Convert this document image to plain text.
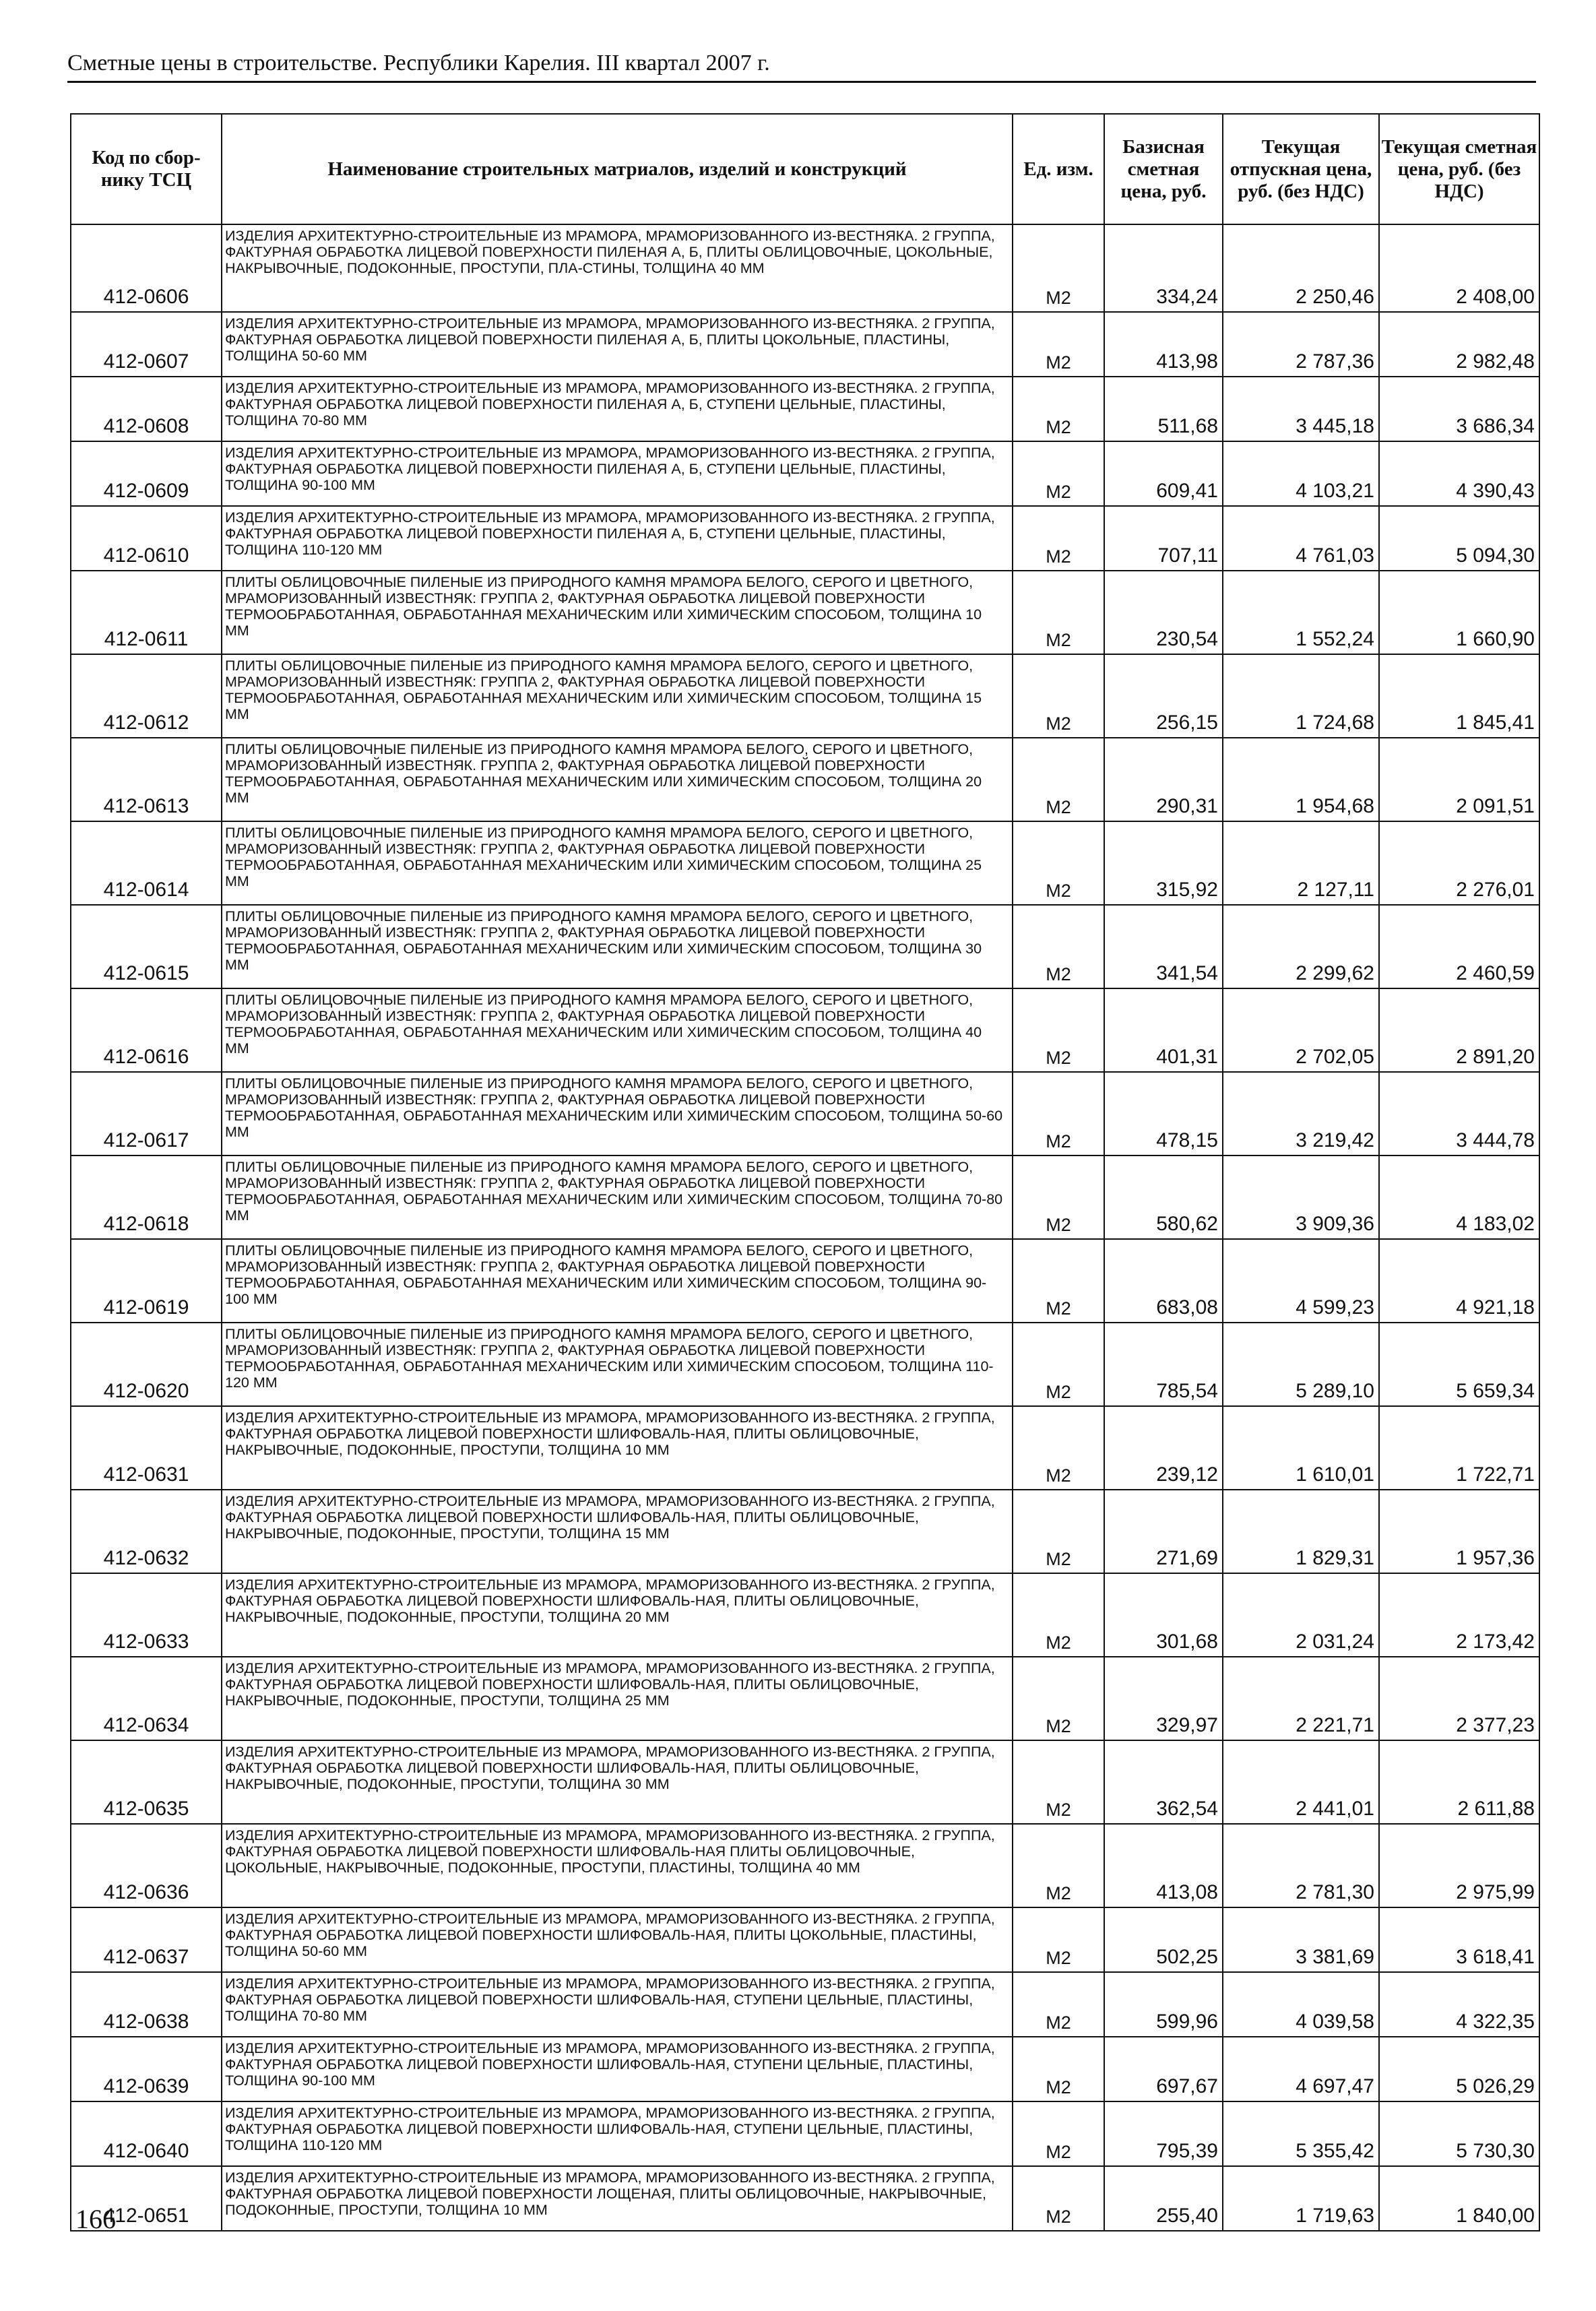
Сметные цены в строительстве. Республики Карелия. III квартал 2007 г.
Код по сбор-
нику ТСЦ	Наименование строительных матриалов, изделий и конструкций	Ед. изм.	Базисная сметная цена, руб.	Текущая отпускная цена, руб. (без НДС)	Текущая сметная цена, руб. (без НДС)
412-0606	ИЗДЕЛИЯ АРХИТЕКТУРНО-СТРОИТЕЛЬНЫЕ ИЗ МРАМОРА, МРАМОРИЗОВАННОГО ИЗ-ВЕСТНЯКА. 2 ГРУППА, ФАКТУРНАЯ ОБРАБОТКА ЛИЦЕВОЙ ПОВЕРХНОСТИ ПИЛЕНАЯ А, Б, ПЛИТЫ ОБЛИЦОВОЧНЫЕ, ЦОКОЛЬНЫЕ, НАКРЫВОЧНЫЕ, ПОДОКОННЫЕ, ПРОСТУПИ, ПЛА-СТИНЫ, ТОЛЩИНА 40 ММ	М2	334,24	2 250,46	2 408,00
412-0607	ИЗДЕЛИЯ АРХИТЕКТУРНО-СТРОИТЕЛЬНЫЕ ИЗ МРАМОРА, МРАМОРИЗОВАННОГО ИЗ-ВЕСТНЯКА. 2 ГРУППА, ФАКТУРНАЯ ОБРАБОТКА ЛИЦЕВОЙ ПОВЕРХНОСТИ ПИЛЕНАЯ А, Б, ПЛИТЫ ЦОКОЛЬНЫЕ, ПЛАСТИНЫ, ТОЛЩИНА 50-60 ММ	М2	413,98	2 787,36	2 982,48
412-0608	ИЗДЕЛИЯ АРХИТЕКТУРНО-СТРОИТЕЛЬНЫЕ ИЗ МРАМОРА, МРАМОРИЗОВАННОГО ИЗ-ВЕСТНЯКА. 2 ГРУППА, ФАКТУРНАЯ ОБРАБОТКА ЛИЦЕВОЙ ПОВЕРХНОСТИ ПИЛЕНАЯ А, Б, СТУПЕНИ ЦЕЛЬНЫЕ, ПЛАСТИНЫ, ТОЛЩИНА 70-80 ММ	М2	511,68	3 445,18	3 686,34
412-0609	ИЗДЕЛИЯ АРХИТЕКТУРНО-СТРОИТЕЛЬНЫЕ ИЗ МРАМОРА, МРАМОРИЗОВАННОГО ИЗ-ВЕСТНЯКА. 2 ГРУППА, ФАКТУРНАЯ ОБРАБОТКА ЛИЦЕВОЙ ПОВЕРХНОСТИ ПИЛЕНАЯ А, Б, СТУПЕНИ ЦЕЛЬНЫЕ, ПЛАСТИНЫ, ТОЛЩИНА 90-100 ММ	М2	609,41	4 103,21	4 390,43
412-0610	ИЗДЕЛИЯ АРХИТЕКТУРНО-СТРОИТЕЛЬНЫЕ ИЗ МРАМОРА, МРАМОРИЗОВАННОГО ИЗ-ВЕСТНЯКА. 2 ГРУППА, ФАКТУРНАЯ ОБРАБОТКА ЛИЦЕВОЙ ПОВЕРХНОСТИ ПИЛЕНАЯ А, Б, СТУПЕНИ ЦЕЛЬНЫЕ, ПЛАСТИНЫ, ТОЛЩИНА 110-120 ММ	М2	707,11	4 761,03	5 094,30
412-0611	ПЛИТЫ ОБЛИЦОВОЧНЫЕ ПИЛЕНЫЕ ИЗ ПРИРОДНОГО КАМНЯ МРАМОРА БЕЛОГО, СЕРОГО И ЦВЕТНОГО, МРАМОРИЗОВАННЫЙ ИЗВЕСТНЯК: ГРУППА 2, ФАКТУРНАЯ ОБРАБОТКА ЛИЦЕВОЙ ПОВЕРХНОСТИ ТЕРМООБРАБОТАННАЯ, ОБРАБОТАННАЯ МЕХАНИЧЕСКИМ ИЛИ ХИМИЧЕСКИМ СПОСОБОМ, ТОЛЩИНА 10 ММ	М2	230,54	1 552,24	1 660,90
412-0612	ПЛИТЫ ОБЛИЦОВОЧНЫЕ ПИЛЕНЫЕ ИЗ ПРИРОДНОГО КАМНЯ МРАМОРА БЕЛОГО, СЕРОГО И ЦВЕТНОГО, МРАМОРИЗОВАННЫЙ ИЗВЕСТНЯК: ГРУППА 2, ФАКТУРНАЯ ОБРАБОТКА ЛИЦЕВОЙ ПОВЕРХНОСТИ ТЕРМООБРАБОТАННАЯ, ОБРАБОТАННАЯ МЕХАНИЧЕСКИМ ИЛИ ХИМИЧЕСКИМ СПОСОБОМ, ТОЛЩИНА 15 ММ	М2	256,15	1 724,68	1 845,41
412-0613	ПЛИТЫ ОБЛИЦОВОЧНЫЕ ПИЛЕНЫЕ ИЗ ПРИРОДНОГО КАМНЯ МРАМОРА БЕЛОГО, СЕРОГО И ЦВЕТНОГО, МРАМОРИЗОВАННЫЙ ИЗВЕСТНЯК. ГРУППА 2, ФАКТУРНАЯ ОБРАБОТКА ЛИЦЕВОЙ ПОВЕРХНОСТИ ТЕРМООБРАБОТАННАЯ, ОБРАБОТАННАЯ МЕХАНИЧЕСКИМ ИЛИ ХИМИЧЕСКИМ СПОСОБОМ, ТОЛЩИНА 20 ММ	М2	290,31	1 954,68	2 091,51
412-0614	ПЛИТЫ ОБЛИЦОВОЧНЫЕ ПИЛЕНЫЕ ИЗ ПРИРОДНОГО КАМНЯ МРАМОРА БЕЛОГО, СЕРОГО И ЦВЕТНОГО, МРАМОРИЗОВАННЫЙ ИЗВЕСТНЯК: ГРУППА 2, ФАКТУРНАЯ ОБРАБОТКА ЛИЦЕВОЙ ПОВЕРХНОСТИ ТЕРМООБРАБОТАННАЯ, ОБРАБОТАННАЯ МЕХАНИЧЕСКИМ ИЛИ ХИМИЧЕСКИМ СПОСОБОМ, ТОЛЩИНА 25 ММ	М2	315,92	2 127,11	2 276,01
412-0615	ПЛИТЫ ОБЛИЦОВОЧНЫЕ ПИЛЕНЫЕ ИЗ ПРИРОДНОГО КАМНЯ МРАМОРА БЕЛОГО, СЕРОГО И ЦВЕТНОГО, МРАМОРИЗОВАННЫЙ ИЗВЕСТНЯК: ГРУППА 2, ФАКТУРНАЯ ОБРАБОТКА ЛИЦЕВОЙ ПОВЕРХНОСТИ ТЕРМООБРАБОТАННАЯ, ОБРАБОТАННАЯ МЕХАНИЧЕСКИМ ИЛИ ХИМИЧЕСКИМ СПОСОБОМ, ТОЛЩИНА 30 ММ	М2	341,54	2 299,62	2 460,59
412-0616	ПЛИТЫ ОБЛИЦОВОЧНЫЕ ПИЛЕНЫЕ ИЗ ПРИРОДНОГО КАМНЯ МРАМОРА БЕЛОГО, СЕРОГО И ЦВЕТНОГО, МРАМОРИЗОВАННЫЙ ИЗВЕСТНЯК: ГРУППА 2, ФАКТУРНАЯ ОБРАБОТКА ЛИЦЕВОЙ ПОВЕРХНОСТИ ТЕРМООБРАБОТАННАЯ, ОБРАБОТАННАЯ МЕХАНИЧЕСКИМ ИЛИ ХИМИЧЕСКИМ СПОСОБОМ, ТОЛЩИНА 40 ММ	М2	401,31	2 702,05	2 891,20
412-0617	ПЛИТЫ ОБЛИЦОВОЧНЫЕ ПИЛЕНЫЕ ИЗ ПРИРОДНОГО КАМНЯ МРАМОРА БЕЛОГО, СЕРОГО И ЦВЕТНОГО, МРАМОРИЗОВАННЫЙ ИЗВЕСТНЯК: ГРУППА 2, ФАКТУРНАЯ ОБРАБОТКА ЛИЦЕВОЙ ПОВЕРХНОСТИ ТЕРМООБРАБОТАННАЯ, ОБРАБОТАННАЯ МЕХАНИЧЕСКИМ ИЛИ ХИМИЧЕСКИМ СПОСОБОМ, ТОЛЩИНА 50-60 ММ	М2	478,15	3 219,42	3 444,78
412-0618	ПЛИТЫ ОБЛИЦОВОЧНЫЕ ПИЛЕНЫЕ ИЗ ПРИРОДНОГО КАМНЯ МРАМОРА БЕЛОГО, СЕРОГО И ЦВЕТНОГО, МРАМОРИЗОВАННЫЙ ИЗВЕСТНЯК: ГРУППА 2, ФАКТУРНАЯ ОБРАБОТКА ЛИЦЕВОЙ ПОВЕРХНОСТИ ТЕРМООБРАБОТАННАЯ, ОБРАБОТАННАЯ МЕХАНИЧЕСКИМ ИЛИ ХИМИЧЕСКИМ СПОСОБОМ, ТОЛЩИНА 70-80 ММ	М2	580,62	3 909,36	4 183,02
412-0619	ПЛИТЫ ОБЛИЦОВОЧНЫЕ ПИЛЕНЫЕ ИЗ ПРИРОДНОГО КАМНЯ МРАМОРА БЕЛОГО, СЕРОГО И ЦВЕТНОГО, МРАМОРИЗОВАННЫЙ ИЗВЕСТНЯК: ГРУППА 2, ФАКТУРНАЯ ОБРАБОТКА ЛИЦЕВОЙ ПОВЕРХНОСТИ ТЕРМООБРАБОТАННАЯ, ОБРАБОТАННАЯ МЕХАНИЧЕСКИМ ИЛИ ХИМИЧЕСКИМ СПОСОБОМ, ТОЛЩИНА 90-100 ММ	М2	683,08	4 599,23	4 921,18
412-0620	ПЛИТЫ ОБЛИЦОВОЧНЫЕ ПИЛЕНЫЕ ИЗ ПРИРОДНОГО КАМНЯ МРАМОРА БЕЛОГО, СЕРОГО И ЦВЕТНОГО, МРАМОРИЗОВАННЫЙ ИЗВЕСТНЯК: ГРУППА 2, ФАКТУРНАЯ ОБРАБОТКА ЛИЦЕВОЙ ПОВЕРХНОСТИ ТЕРМООБРАБОТАННАЯ, ОБРАБОТАННАЯ МЕХАНИЧЕСКИМ ИЛИ ХИМИЧЕСКИМ СПОСОБОМ, ТОЛЩИНА 110-120 ММ	М2	785,54	5 289,10	5 659,34
412-0631	ИЗДЕЛИЯ АРХИТЕКТУРНО-СТРОИТЕЛЬНЫЕ ИЗ МРАМОРА, МРАМОРИЗОВАННОГО ИЗ-ВЕСТНЯКА. 2 ГРУППА, ФАКТУРНАЯ ОБРАБОТКА ЛИЦЕВОЙ ПОВЕРХНОСТИ ШЛИФОВАЛЬ-НАЯ, ПЛИТЫ ОБЛИЦОВОЧНЫЕ, НАКРЫВОЧНЫЕ, ПОДОКОННЫЕ, ПРОСТУПИ, ТОЛЩИНА 10 ММ	М2	239,12	1 610,01	1 722,71
412-0632	ИЗДЕЛИЯ АРХИТЕКТУРНО-СТРОИТЕЛЬНЫЕ ИЗ МРАМОРА, МРАМОРИЗОВАННОГО ИЗ-ВЕСТНЯКА. 2 ГРУППА, ФАКТУРНАЯ ОБРАБОТКА ЛИЦЕВОЙ ПОВЕРХНОСТИ ШЛИФОВАЛЬ-НАЯ, ПЛИТЫ ОБЛИЦОВОЧНЫЕ, НАКРЫВОЧНЫЕ, ПОДОКОННЫЕ, ПРОСТУПИ, ТОЛЩИНА 15 ММ	М2	271,69	1 829,31	1 957,36
412-0633	ИЗДЕЛИЯ АРХИТЕКТУРНО-СТРОИТЕЛЬНЫЕ ИЗ МРАМОРА, МРАМОРИЗОВАННОГО ИЗ-ВЕСТНЯКА. 2 ГРУППА, ФАКТУРНАЯ ОБРАБОТКА ЛИЦЕВОЙ ПОВЕРХНОСТИ ШЛИФОВАЛЬ-НАЯ, ПЛИТЫ ОБЛИЦОВОЧНЫЕ, НАКРЫВОЧНЫЕ, ПОДОКОННЫЕ, ПРОСТУПИ, ТОЛЩИНА 20 ММ	М2	301,68	2 031,24	2 173,42
412-0634	ИЗДЕЛИЯ АРХИТЕКТУРНО-СТРОИТЕЛЬНЫЕ ИЗ МРАМОРА, МРАМОРИЗОВАННОГО ИЗ-ВЕСТНЯКА. 2 ГРУППА, ФАКТУРНАЯ ОБРАБОТКА ЛИЦЕВОЙ ПОВЕРХНОСТИ ШЛИФОВАЛЬ-НАЯ, ПЛИТЫ ОБЛИЦОВОЧНЫЕ, НАКРЫВОЧНЫЕ, ПОДОКОННЫЕ, ПРОСТУПИ, ТОЛЩИНА 25 ММ	М2	329,97	2 221,71	2 377,23
412-0635	ИЗДЕЛИЯ АРХИТЕКТУРНО-СТРОИТЕЛЬНЫЕ ИЗ МРАМОРА, МРАМОРИЗОВАННОГО ИЗ-ВЕСТНЯКА. 2 ГРУППА, ФАКТУРНАЯ ОБРАБОТКА ЛИЦЕВОЙ ПОВЕРХНОСТИ ШЛИФОВАЛЬ-НАЯ, ПЛИТЫ ОБЛИЦОВОЧНЫЕ, НАКРЫВОЧНЫЕ, ПОДОКОННЫЕ, ПРОСТУПИ, ТОЛЩИНА 30 ММ	М2	362,54	2 441,01	2 611,88
412-0636	ИЗДЕЛИЯ АРХИТЕКТУРНО-СТРОИТЕЛЬНЫЕ ИЗ МРАМОРА, МРАМОРИЗОВАННОГО ИЗ-ВЕСТНЯКА. 2 ГРУППА, ФАКТУРНАЯ ОБРАБОТКА ЛИЦЕВОЙ ПОВЕРХНОСТИ ШЛИФОВАЛЬ-НАЯ ПЛИТЫ ОБЛИЦОВОЧНЫЕ, ЦОКОЛЬНЫЕ, НАКРЫВОЧНЫЕ, ПОДОКОННЫЕ, ПРОСТУПИ, ПЛАСТИНЫ, ТОЛЩИНА 40 ММ	М2	413,08	2 781,30	2 975,99
412-0637	ИЗДЕЛИЯ АРХИТЕКТУРНО-СТРОИТЕЛЬНЫЕ ИЗ МРАМОРА, МРАМОРИЗОВАННОГО ИЗ-ВЕСТНЯКА. 2 ГРУППА, ФАКТУРНАЯ ОБРАБОТКА ЛИЦЕВОЙ ПОВЕРХНОСТИ ШЛИФОВАЛЬ-НАЯ, ПЛИТЫ ЦОКОЛЬНЫЕ, ПЛАСТИНЫ, ТОЛЩИНА 50-60 ММ	М2	502,25	3 381,69	3 618,41
412-0638	ИЗДЕЛИЯ АРХИТЕКТУРНО-СТРОИТЕЛЬНЫЕ ИЗ МРАМОРА, МРАМОРИЗОВАННОГО ИЗ-ВЕСТНЯКА. 2 ГРУППА, ФАКТУРНАЯ ОБРАБОТКА ЛИЦЕВОЙ ПОВЕРХНОСТИ ШЛИФОВАЛЬ-НАЯ, СТУПЕНИ ЦЕЛЬНЫЕ, ПЛАСТИНЫ, ТОЛЩИНА 70-80 ММ	М2	599,96	4 039,58	4 322,35
412-0639	ИЗДЕЛИЯ АРХИТЕКТУРНО-СТРОИТЕЛЬНЫЕ ИЗ МРАМОРА, МРАМОРИЗОВАННОГО ИЗ-ВЕСТНЯКА. 2 ГРУППА, ФАКТУРНАЯ ОБРАБОТКА ЛИЦЕВОЙ ПОВЕРХНОСТИ ШЛИФОВАЛЬ-НАЯ, СТУПЕНИ ЦЕЛЬНЫЕ, ПЛАСТИНЫ, ТОЛЩИНА 90-100 ММ	М2	697,67	4 697,47	5 026,29
412-0640	ИЗДЕЛИЯ АРХИТЕКТУРНО-СТРОИТЕЛЬНЫЕ ИЗ МРАМОРА, МРАМОРИЗОВАННОГО ИЗ-ВЕСТНЯКА. 2 ГРУППА, ФАКТУРНАЯ ОБРАБОТКА ЛИЦЕВОЙ ПОВЕРХНОСТИ ШЛИФОВАЛЬ-НАЯ, СТУПЕНИ ЦЕЛЬНЫЕ, ПЛАСТИНЫ, ТОЛЩИНА 110-120 ММ	М2	795,39	5 355,42	5 730,30
412-0651	ИЗДЕЛИЯ АРХИТЕКТУРНО-СТРОИТЕЛЬНЫЕ ИЗ МРАМОРА, МРАМОРИЗОВАННОГО ИЗ-ВЕСТНЯКА. 2 ГРУППА, ФАКТУРНАЯ ОБРАБОТКА ЛИЦЕВОЙ ПОВЕРХНОСТИ ЛОЩЕНАЯ, ПЛИТЫ ОБЛИЦОВОЧНЫЕ, НАКРЫВОЧНЫЕ, ПОДОКОННЫЕ, ПРОСТУПИ, ТОЛЩИНА 10 ММ	М2	255,40	1 719,63	1 840,00
166
